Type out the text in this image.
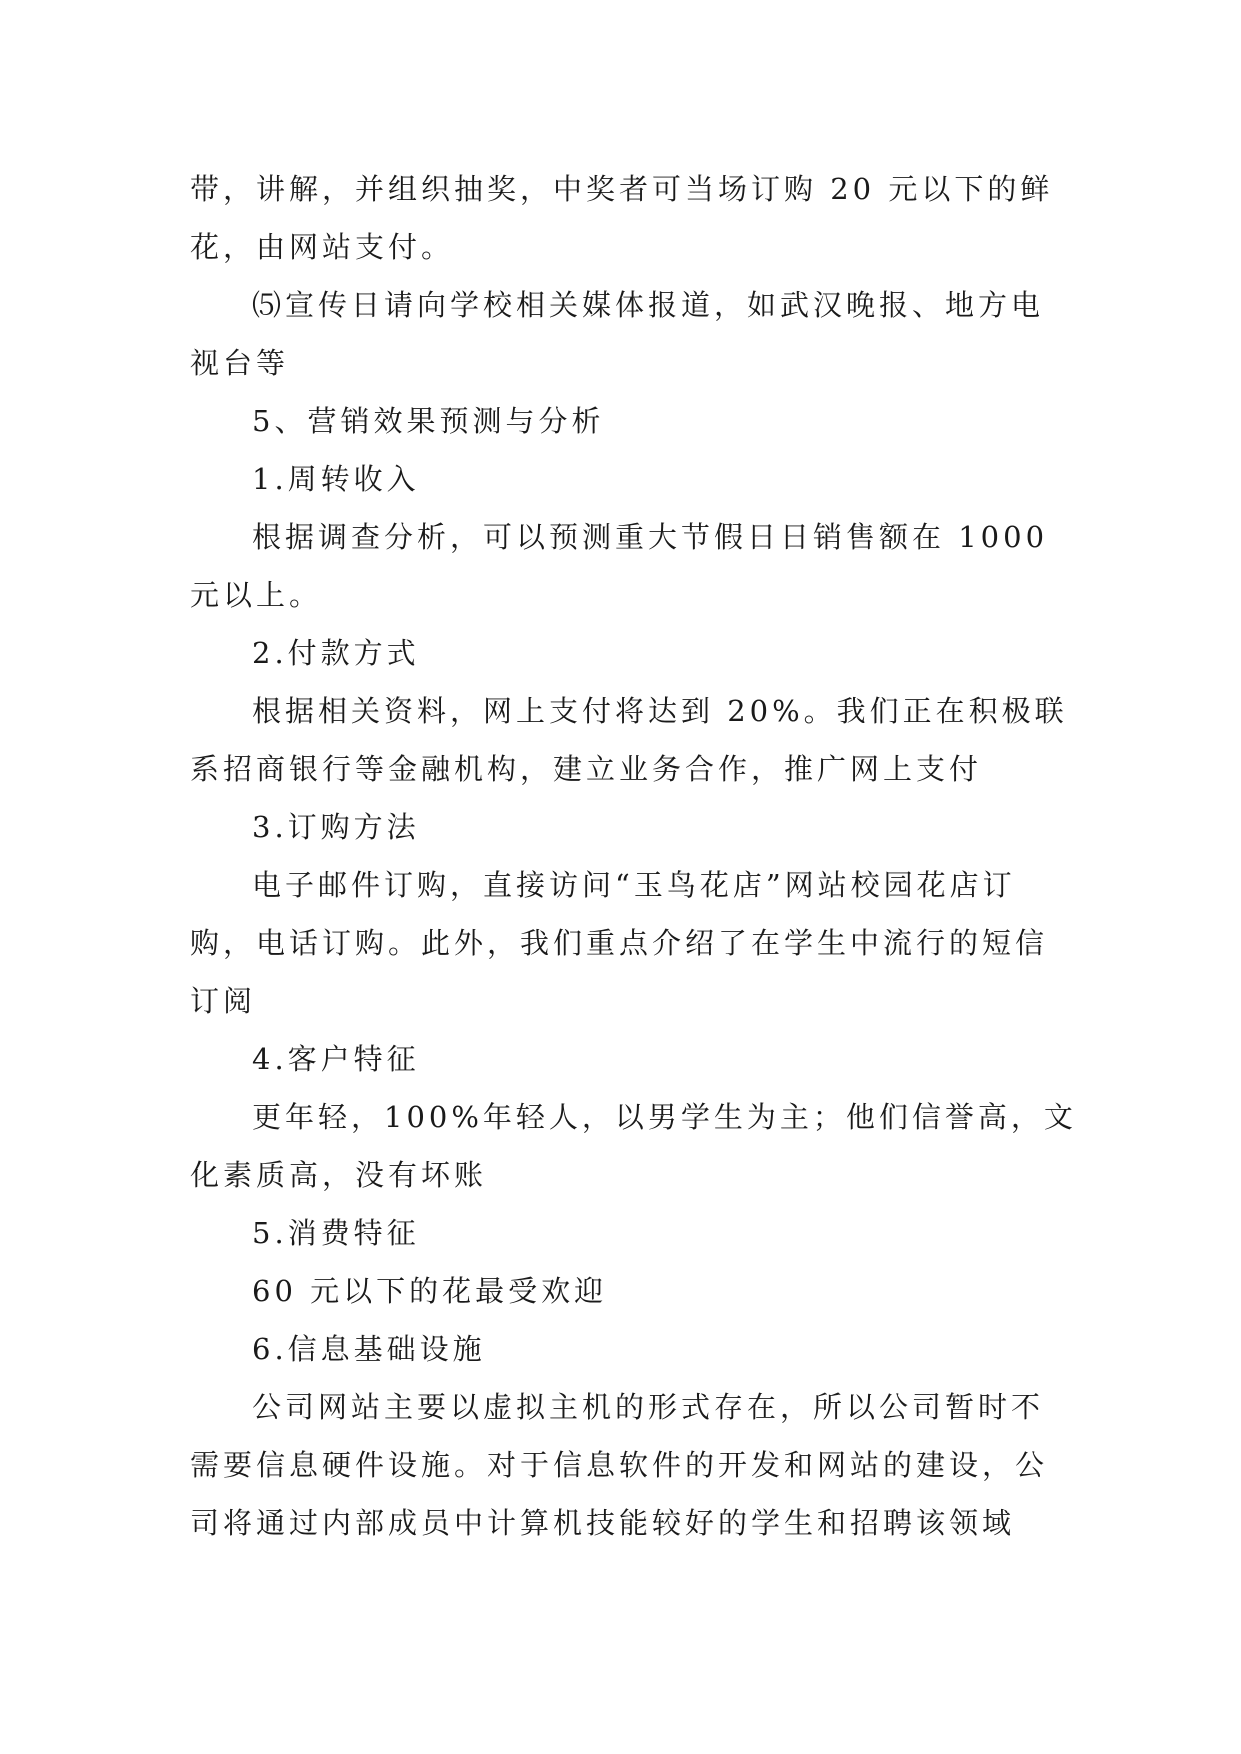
带，讲解，并组织抽奖，中奖者可当场订购 20 元以下的鲜
花，由网站支付。
⑸宣传日请向学校相关媒体报道，如武汉晚报、地方电
视台等
5、营销效果预测与分析
1.周转收入
根据调查分析，可以预测重大节假日日销售额在 1000
元以上。
2.付款方式
根据相关资料，网上支付将达到 20%。我们正在积极联
系招商银行等金融机构，建立业务合作，推广网上支付
3.订购方法
电子邮件订购，直接访问“玉鸟花店”网站校园花店订
购，电话订购。此外，我们重点介绍了在学生中流行的短信
订阅
4.客户特征
更年轻，100%年轻人，以男学生为主；他们信誉高，文
化素质高，没有坏账
5.消费特征
60 元以下的花最受欢迎
6.信息基础设施
公司网站主要以虚拟主机的形式存在，所以公司暂时不
需要信息硬件设施。对于信息软件的开发和网站的建设，公
司将通过内部成员中计算机技能较好的学生和招聘该领域
